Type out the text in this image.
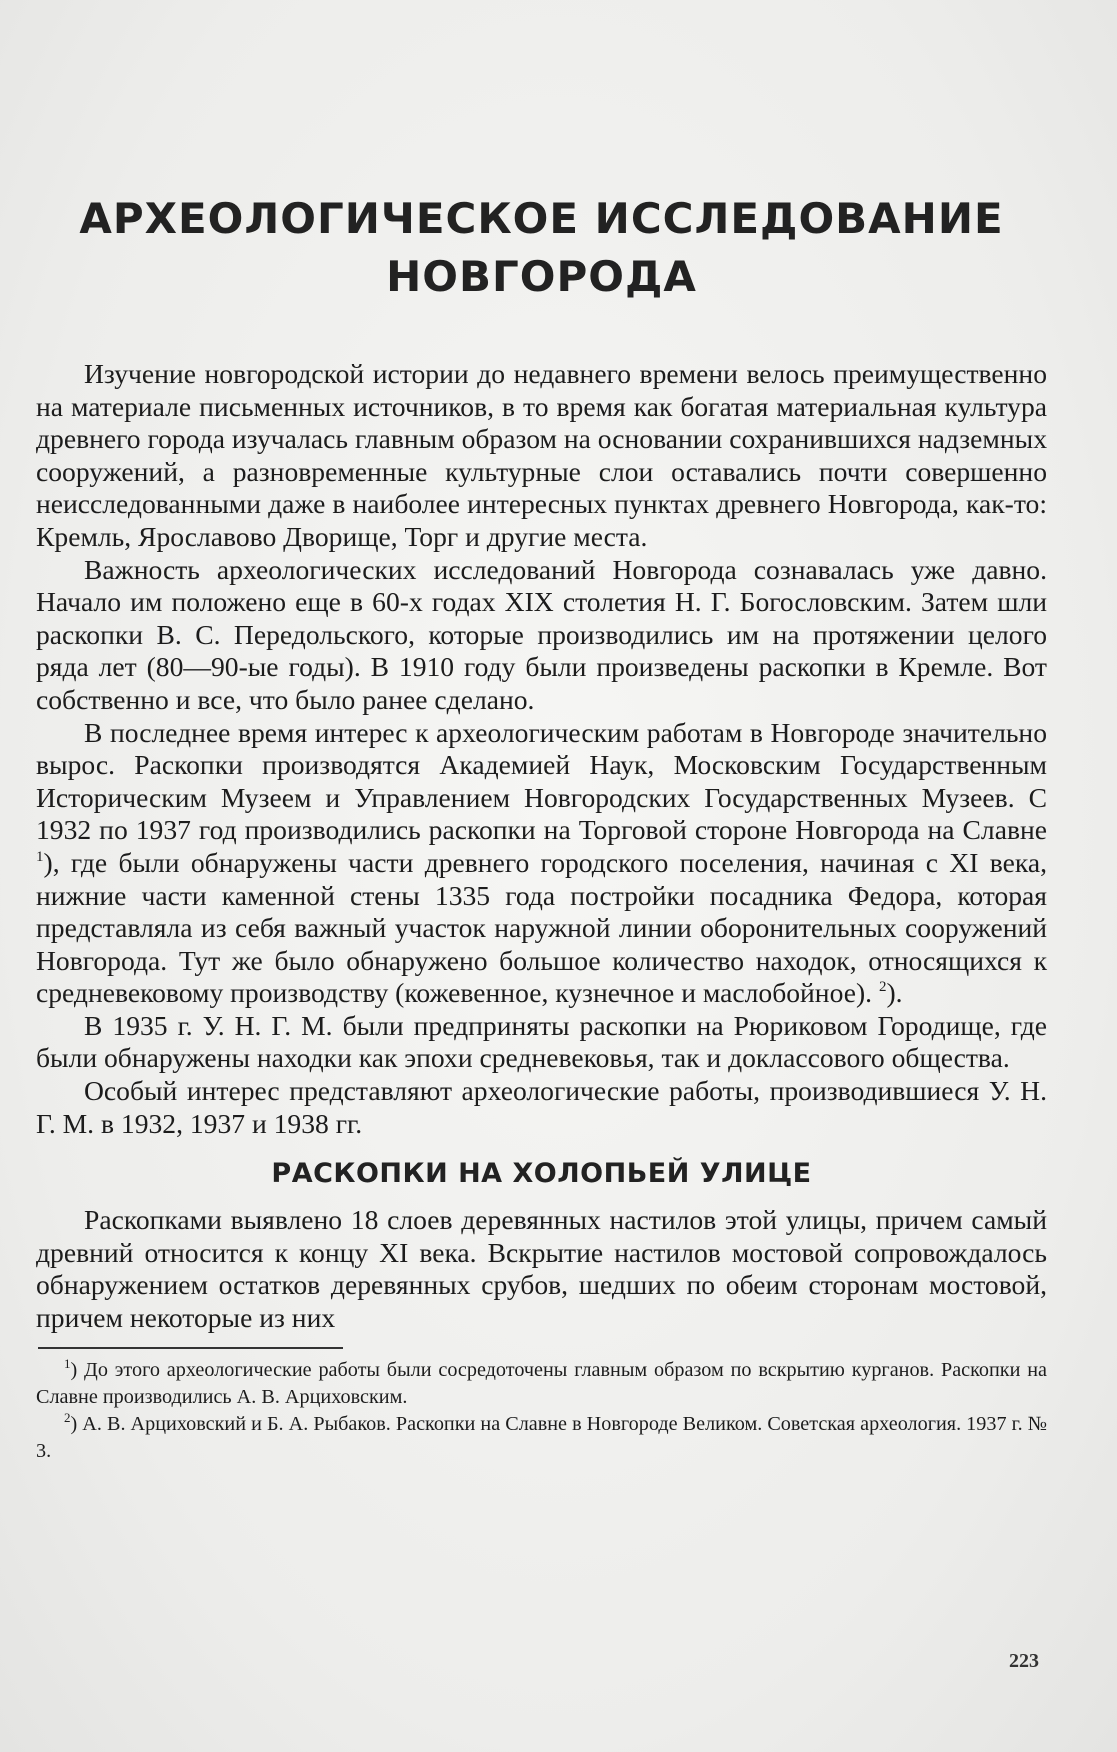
АРХЕОЛОГИЧЕСКОЕ ИССЛЕДОВАНИЕ
НОВГОРОДА

Изучение новгородской истории до недавнего времени велось преимущественно на материале письменных источников, в то время как богатая материальная культура древнего города изучалась главным образом на основании сохранившихся надземных сооружений, а разновременные культурные слои оставались почти совершенно неисследованными даже в наиболее интересных пунктах древнего Новгорода, как-то: Кремль, Ярославово Дворище, Торг и другие места.

Важность археологических исследований Новгорода сознавалась уже давно. Начало им положено еще в 60-х годах XIX столетия Н. Г. Богословским. Затем шли раскопки В. С. Передольского, которые производились им на протяжении целого ряда лет (80—90-ые годы). В 1910 году были произведены раскопки в Кремле. Вот собственно и все, что было ранее сделано.

В последнее время интерес к археологическим работам в Новгороде значительно вырос. Раскопки производятся Академией Наук, Московским Государственным Историческим Музеем и Управлением Новгородских Государственных Музеев. С 1932 по 1937 год производились раскопки на Торговой стороне Новгорода на Славне $^1$), где были обнаружены части древнего городского поселения, начиная с XI века, нижние части каменной стены 1335 года постройки посадника Федора, которая представляла из себя важный участок наружной линии оборонительных сооружений Новгорода. Тут же было обнаружено большое количество находок, относящихся к средневековому производству (кожевенное, кузнечное и маслобойное). $^2$).

В 1935 г. У. Н. Г. М. были предприняты раскопки на Рюриковом Городище, где были обнаружены находки как эпохи средневековья, так и доклассового общества.

Особый интерес представляют археологические работы, производившиеся У. Н. Г. М. в 1932, 1937 и 1938 гг.

РАСКОПКИ НА ХОЛОПЬЕЙ УЛИЦЕ

Раскопками выявлено 18 слоев деревянных настилов этой улицы, причем самый древний относится к концу XI века. Вскрытие настилов мостовой сопровождалось обнаружением остатков деревянных срубов, шедших по обеим сторонам мостовой, причем некоторые из них

$^1$) До этого археологические работы были сосредоточены главным образом по вскрытию курганов. Раскопки на Славне производились А. В. Арциховским.

$^2$) А. В. Арциховский и Б. А. Рыбаков. Раскопки на Славне в Новгороде Великом. Советская археология. 1937 г. № 3.

223
